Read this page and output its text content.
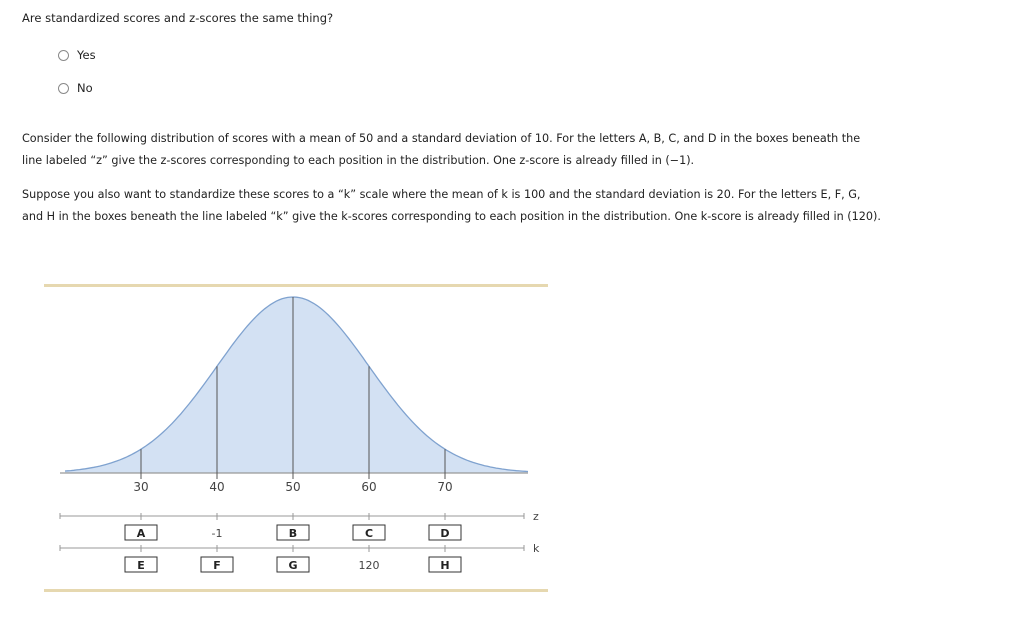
Are standardized scores and z-scores the same thing?
Yes
No
Consider the following distribution of scores with a mean of 50 and a standard deviation of 10. For the letters A, B, C, and D in the boxes beneath the line labeled “z” give the z-scores corresponding to each position in the distribution. One z-score is already filled in (−1).
Suppose you also want to standardize these scores to a “k” scale where the mean of k is 100 and the standard deviation is 20. For the letters E, F, G, and H in the boxes beneath the line labeled “k” give the k-scores corresponding to each position in the distribution. One k-score is already filled in (120).
30	40	50	60	70
z
A	-1	B	C	D
k
E	F	G	120	H
